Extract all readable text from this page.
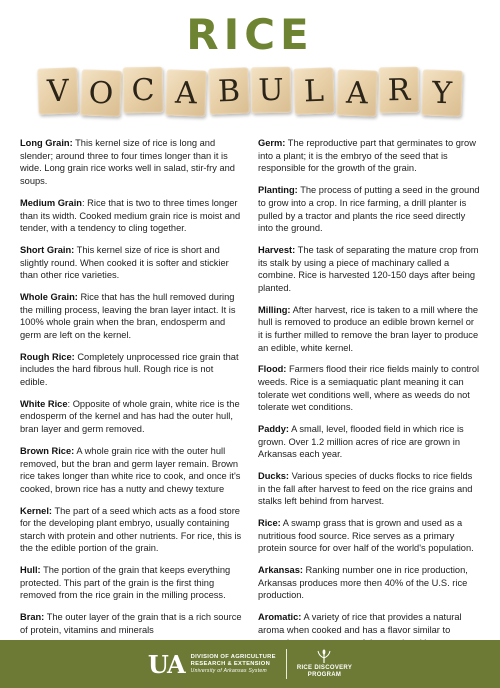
RICE
V O C A B U L A R Y

Long Grain: This kernel size of rice is long and slender; around three to four times longer than it is wide. Long grain rice works well in salad, stir-fry and soups.

Medium Grain: Rice that is two to three times longer than its width. Cooked medium grain rice is moist and tender, with a tendency to cling together.

Short Grain: This kernel size of rice is short and slightly round. When cooked it is softer and stickier than other rice varieties.

Whole Grain: Rice that has the hull removed during the milling process, leaving the bran layer intact. It is 100% whole grain when the bran, endosperm and germ are left on the kernel.

Rough Rice: Completely unprocessed rice grain that includes the hard fibrous hull. Rough rice is not edible.

White Rice: Opposite of whole grain, white rice is the endosperm of the kernel and has had the outer hull, bran layer and germ removed.

Brown Rice: A whole grain rice with the outer hull removed, but the bran and germ layer remain. Brown rice takes longer than white rice to cook, and once it's cooked, brown rice has a nutty and chewy texture

Kernel: The part of a seed which acts as a food store for the developing plant embryo, usually containing starch with protein and other nutrients. For rice, this is the the edible portion of the grain.

Hull: The portion of the grain that keeps everything protected. This part of the grain is the first thing removed from the rice grain in the milling process.

Bran: The outer layer of the grain that is a rich source of protein, vitamins and minerals

Germ: The reproductive part that germinates to grow into a plant; it is the embryo of the seed that is responsible for the growth of the grain.

Planting: The process of putting a seed in the ground to grow into a crop. In rice farming, a drill planter is pulled by a tractor and plants the rice seed directly into the ground.

Harvest: The task of separating the mature crop from its stalk by using a piece of machinary called a combine. Rice is harvested 120-150 days after being planted.

Milling: After harvest, rice is taken to a mill where the hull is removed to produce an edible brown kernel or it is further milled to remove the bran layer to produce an edible, white kernel.

Flood: Farmers flood their rice fields mainly to control weeds. Rice is a semiaquatic plant meaning it can tolerate wet conditions well, where as weeds do not tolerate wet conditions.

Paddy: A small, level, flooded field in which rice is grown. Over 1.2 million acres of rice are grown in Arkansas each year.

Ducks: Various species of ducks flocks to rice fields in the fall after harvest to feed on the rice grains and stalks left behind from harvest.

Rice: A swamp grass that is grown and used as a nutritious food source. Rice serves as a primary protein source for over half of the world's population.

Arkansas: Ranking number one in rice production, Arkansas produces more then 40% of the U.S. rice production.

Aromatic: A variety of rice that provides a natural aroma when cooked and has a flavor similar to

UA DIVISION OF AGRICULTURE
RESEARCH & EXTENSION
University of Arkansas System	RICE DISCOVERY
PROGRAM
